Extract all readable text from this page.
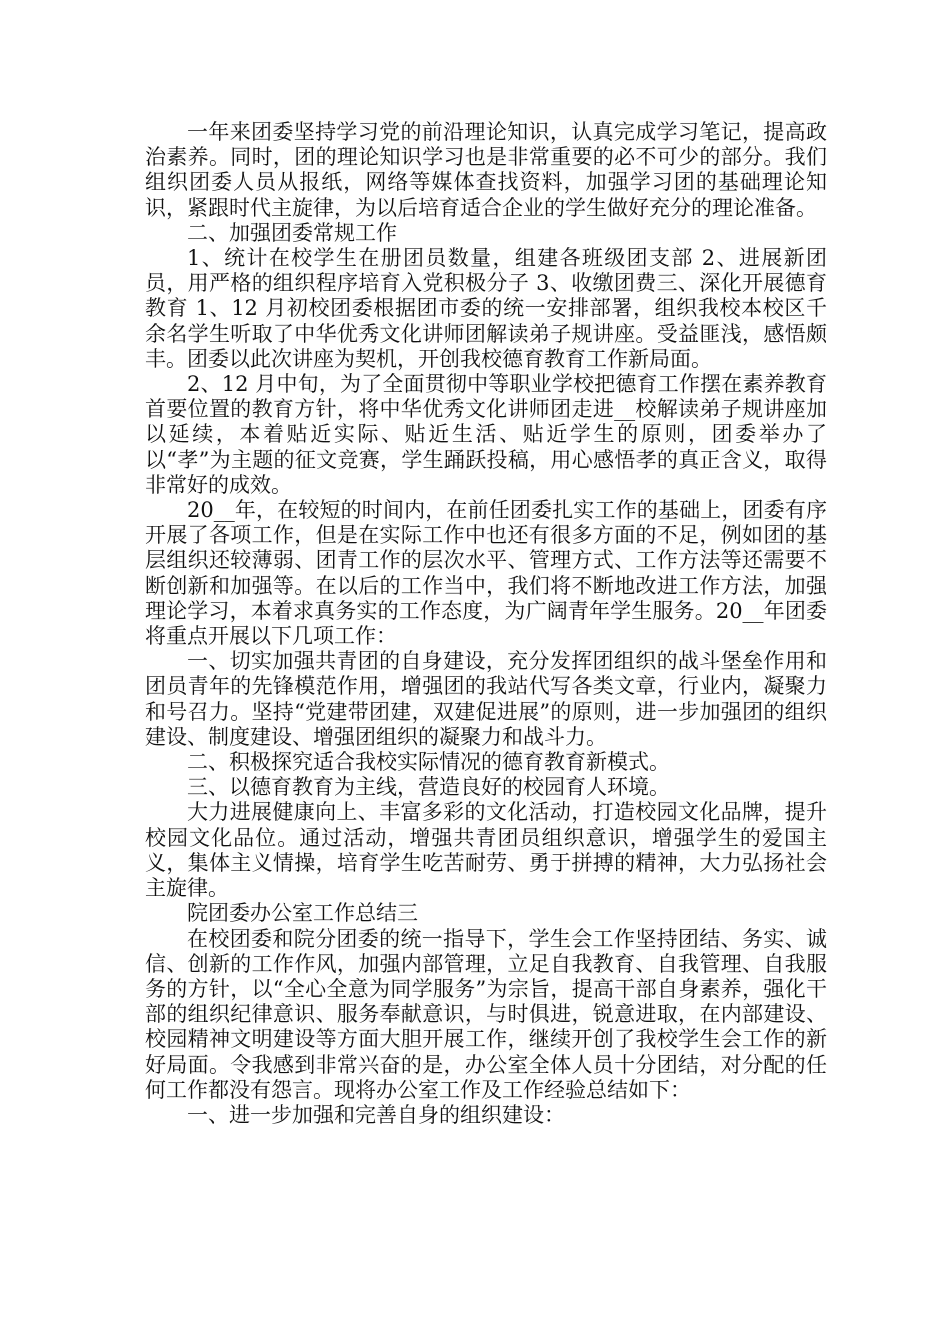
一年来团委坚持学习党的前沿理论知识，认真完成学习笔记，提高政治素养。同时，团的理论知识学习也是非常重要的必不可少的部分。我们组织团委人员从报纸，网络等媒体查找资料，加强学习团的基础理论知识，紧跟时代主旋律，为以后培育适合企业的学生做好充分的理论准备。

二、加强团委常规工作

1、统计在校学生在册团员数量，组建各班级团支部 2、进展新团员，用严格的组织程序培育入党积极分子 3、收缴团费三、深化开展德育教育 1、12 月初校团委根据团市委的统一安排部署，组织我校本校区千余名学生听取了中华优秀文化讲师团解读弟子规讲座。受益匪浅，感悟颇丰。团委以此次讲座为契机，开创我校德育教育工作新局面。

2、12 月中旬，为了全面贯彻中等职业学校把德育工作摆在素养教育首要位置的教育方针，将中华优秀文化讲师团走进__校解读弟子规讲座加以延续，本着贴近实际、贴近生活、贴近学生的原则，团委举办了以“孝”为主题的征文竞赛，学生踊跃投稿，用心感悟孝的真正含义，取得非常好的成效。

20__年，在较短的时间内，在前任团委扎实工作的基础上，团委有序开展了各项工作，但是在实际工作中也还有很多方面的不足，例如团的基层组织还较薄弱、团青工作的层次水平、管理方式、工作方法等还需要不断创新和加强等。在以后的工作当中，我们将不断地改进工作方法，加强理论学习，本着求真务实的工作态度，为广阔青年学生服务。20__年团委将重点开展以下几项工作：

一、切实加强共青团的自身建设，充分发挥团组织的战斗堡垒作用和团员青年的先锋模范作用，增强团的我站代写各类文章，行业内，凝聚力和号召力。坚持“党建带团建，双建促进展”的原则，进一步加强团的组织建设、制度建设、增强团组织的凝聚力和战斗力。

二、积极探究适合我校实际情况的德育教育新模式。

三、以德育教育为主线，营造良好的校园育人环境。

大力进展健康向上、丰富多彩的文化活动，打造校园文化品牌，提升校园文化品位。通过活动，增强共青团员组织意识，增强学生的爱国主义，集体主义情操，培育学生吃苦耐劳、勇于拼搏的精神，大力弘扬社会主旋律。

院团委办公室工作总结三

在校团委和院分团委的统一指导下，学生会工作坚持团结、务实、诚信、创新的工作作风，加强内部管理，立足自我教育、自我管理、自我服务的方针，以“全心全意为同学服务”为宗旨，提高干部自身素养，强化干部的组织纪律意识、服务奉献意识，与时俱进，锐意进取，在内部建设、校园精神文明建设等方面大胆开展工作，继续开创了我校学生会工作的新好局面。令我感到非常兴奋的是，办公室全体人员十分团结，对分配的任何工作都没有怨言。现将办公室工作及工作经验总结如下：

一、进一步加强和完善自身的组织建设：
